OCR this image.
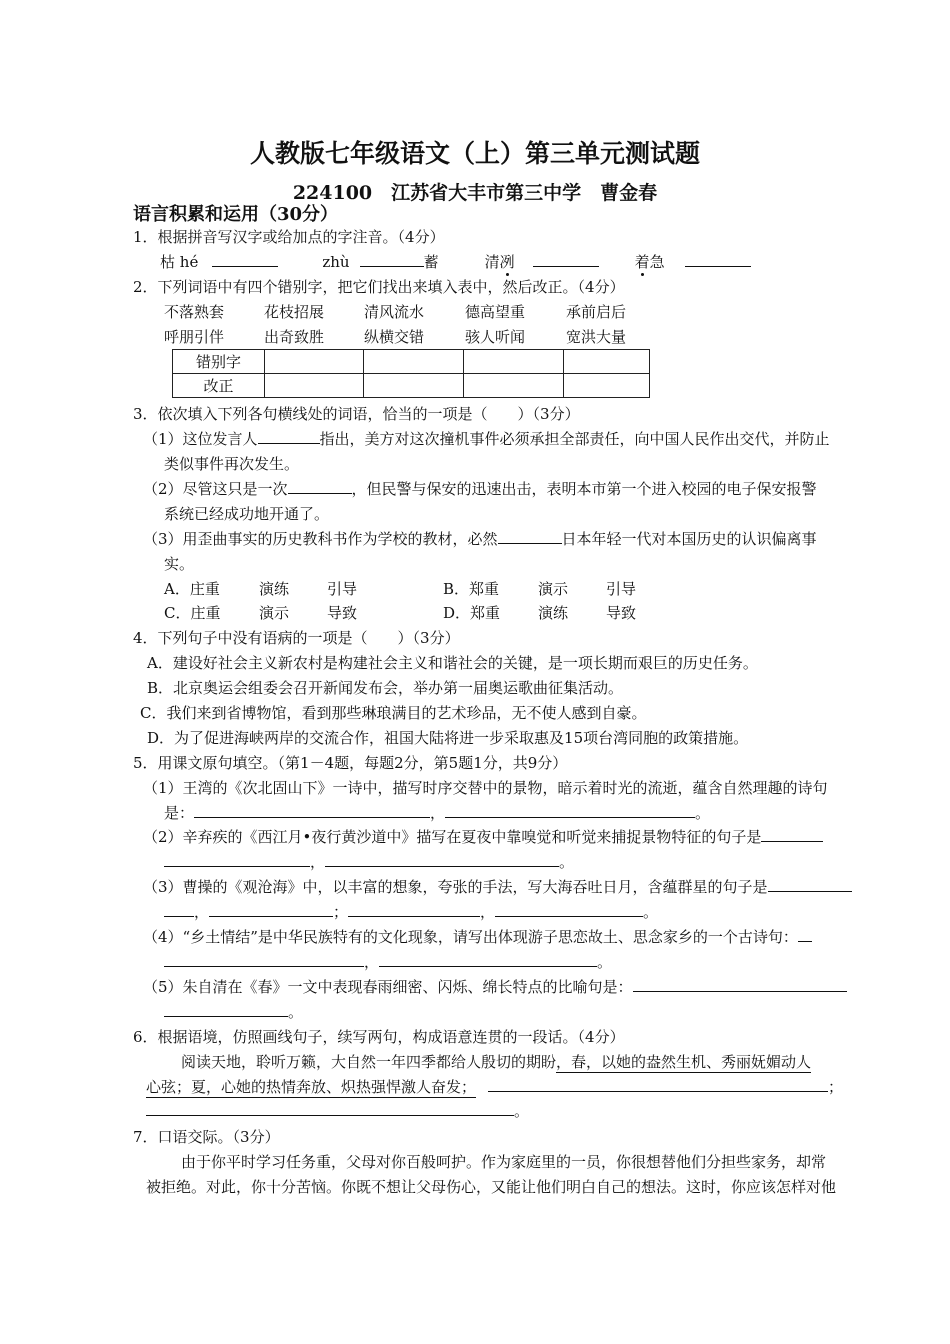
人教版七年级语文（上）第三单元测试题
224100　江苏省大丰市第三中学　曹金春
语言积累和运用（30分）
1．根据拼音写汉字或给加点的字注音。（4分）
枯 hé	zhù	蓄	清冽	着急
2．下列词语中有四个错别字，把它们找出来填入表中，然后改正。（4分）
不落熟套	花枝招展	清风流水	德高望重	承前启后
呼朋引伴	出奇致胜	纵横交错	骇人听闻	宽洪大量
错别字				
改正				
3．依次填入下列各句横线处的词语，恰当的一项是（　　）（3分）
（1）这位发言人	指出，美方对这次撞机事件必须承担全部责任，向中国人民作出交代，并防止
类似事件再次发生。
（2）尽管这只是一次	，但民警与保安的迅速出击，表明本市第一个进入校园的电子保安报警
系统已经成功地开通了。
（3）用歪曲事实的历史教科书作为学校的教材，必然	日本年轻一代对本国历史的认识偏离事
实。
A．庄重	演练	引导	B．郑重	演示	引导
C．庄重	演示	导致	D．郑重	演练	导致
4．下列句子中没有语病的一项是（　　）（3分）
A．建设好社会主义新农村是构建社会主义和谐社会的关键，是一项长期而艰巨的历史任务。
B．北京奥运会组委会召开新闻发布会，举办第一届奥运歌曲征集活动。
C．我们来到省博物馆，看到那些琳琅满目的艺术珍品，无不使人感到自豪。
D．为了促进海峡两岸的交流合作，祖国大陆将进一步采取惠及15项台湾同胞的政策措施。
5．用课文原句填空。（第1－4题，每题2分，第5题1分，共9分）
（1）王湾的《次北固山下》一诗中，描写时序交替中的景物，暗示着时光的流逝，蕴含自然理趣的诗句
是：	，	。
（2）辛弃疾的《西江月•夜行黄沙道中》描写在夏夜中靠嗅觉和听觉来捕捉景物特征的句子是
，	。
（3）曹操的《观沧海》中，以丰富的想象，夸张的手法，写大海吞吐日月，含蕴群星的句子是
，	；	，	。
（4）“乡土情结”是中华民族特有的文化现象，请写出体现游子思恋故土、思念家乡的一个古诗句：
，	。
（5）朱自清在《春》一文中表现春雨细密、闪烁、绵长特点的比喻句是：
。
6．根据语境，仿照画线句子，续写两句，构成语意连贯的一段话。（4分）
阅读天地，聆听万籁，大自然一年四季都给人殷切的期盼 ，春，以她的盎然生机、秀丽妩媚动人
心弦；夏，心她的热情奔放、炽热强悍激人奋发；	；
。
7．口语交际。（3分）
由于你平时学习任务重，父母对你百般呵护。作为家庭里的一员，你很想替他们分担些家务，却常
被拒绝。对此，你十分苦恼。你既不想让父母伤心，又能让他们明白自己的想法。这时，你应该怎样对他
